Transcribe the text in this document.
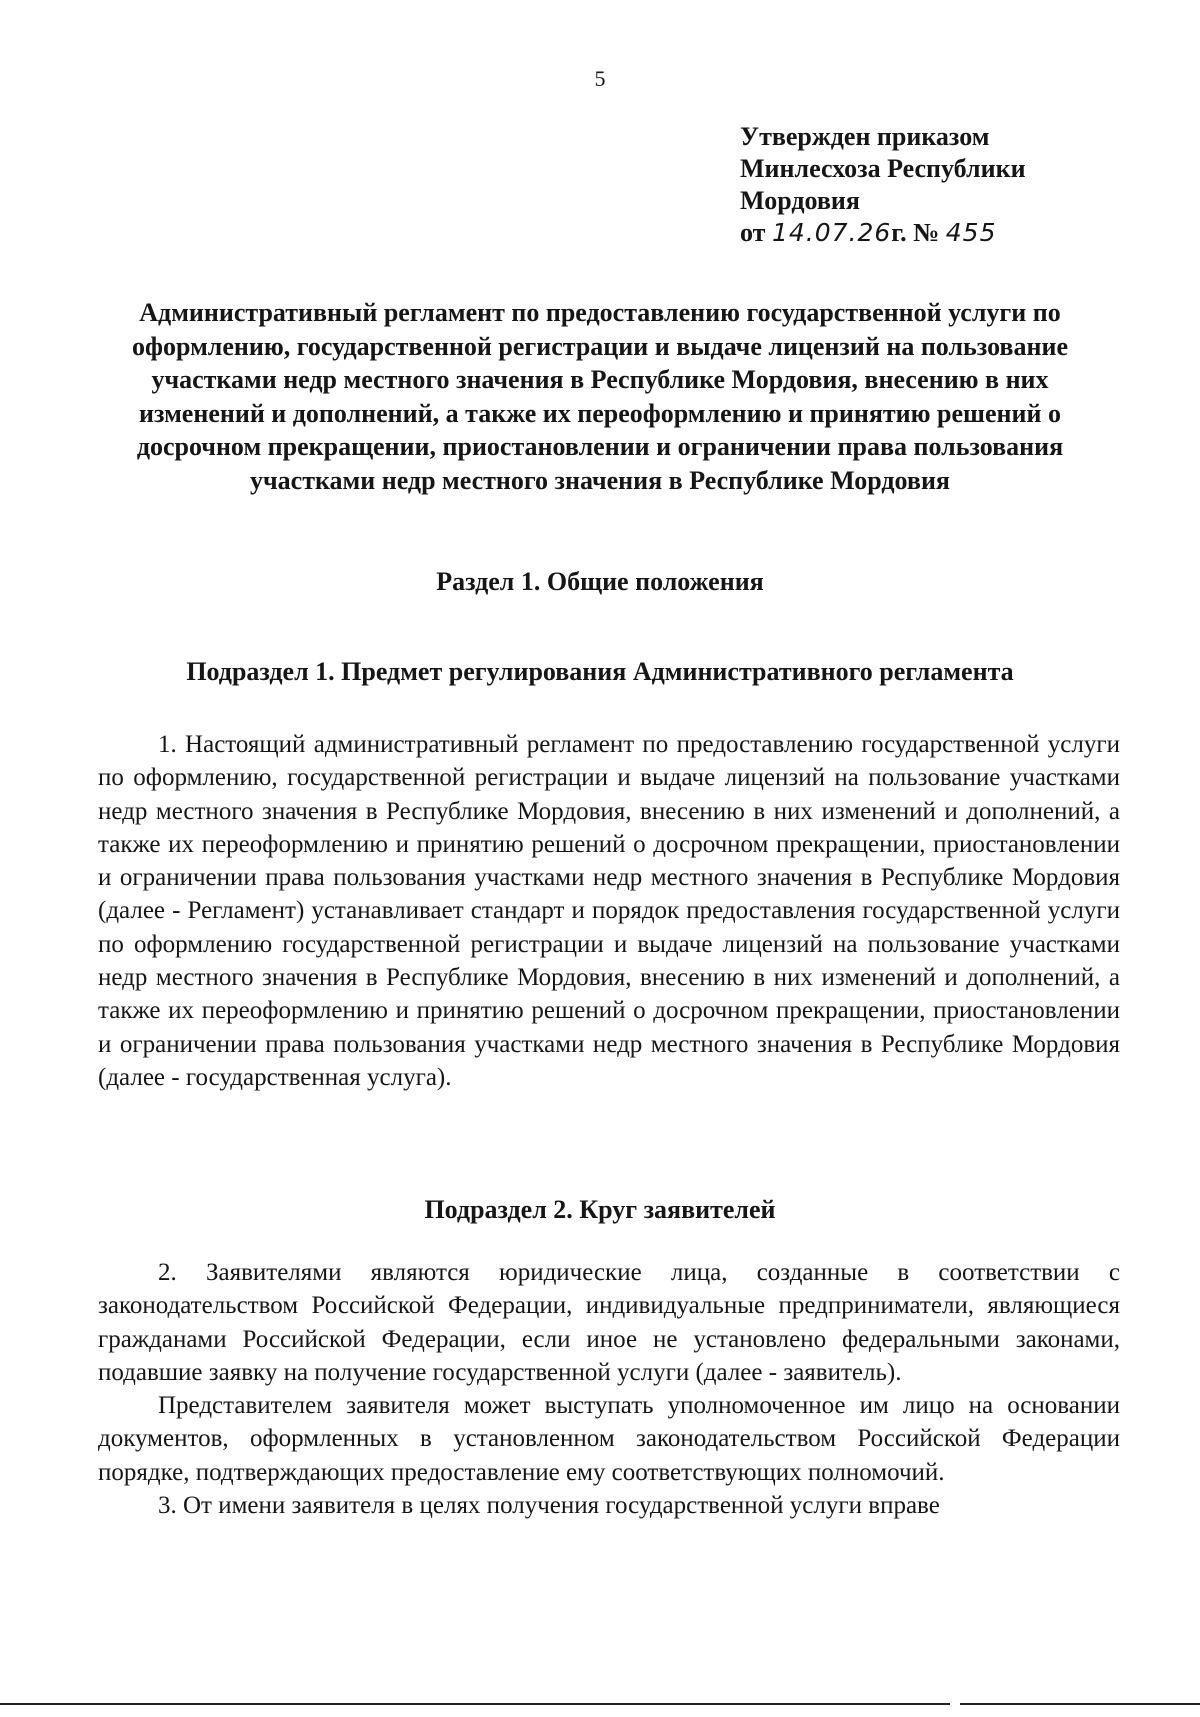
5
Утвержден приказом
Минлесхоза Республики
Мордовия
от 14.07.26г. № 455
Административный регламент по предоставлению государственной услуги по оформлению, государственной регистрации и выдаче лицензий на пользование участками недр местного значения в Республике Мордовия, внесению в них изменений и дополнений, а также их переоформлению и принятию решений о досрочном прекращении, приостановлении и ограничении права пользования участками недр местного значения в Республике Мордовия
Раздел 1. Общие положения
Подраздел 1. Предмет регулирования Административного регламента

1. Настоящий административный регламент по предоставлению государственной услуги по оформлению, государственной регистрации и выдаче лицензий на пользование участками недр местного значения в Республике Мордовия, внесению в них изменений и дополнений, а также их переоформлению и принятию решений о досрочном прекращении, приостановлении и ограничении права пользования участками недр местного значения в Республике Мордовия (далее - Регламент) устанавливает стандарт и порядок предоставления государственной услуги по оформлению государственной регистрации и выдаче лицензий на пользование участками недр местного значения в Республике Мордовия, внесению в них изменений и дополнений, а также их переоформлению и принятию решений о досрочном прекращении, приостановлении и ограничении права пользования участками недр местного значения в Республике Мордовия (далее - государственная услуга).

Подраздел 2. Круг заявителей

2. Заявителями являются юридические лица, созданные в соответствии с законодательством Российской Федерации, индивидуальные предприниматели, являющиеся гражданами Российской Федерации, если иное не установлено федеральными законами, подавшие заявку на получение государственной услуги (далее - заявитель).

Представителем заявителя может выступать уполномоченное им лицо на основании документов, оформленных в установленном законодательством Российской Федерации порядке, подтверждающих предоставление ему соответствующих полномочий.

3. От имени заявителя в целях получения государственной услуги вправе
